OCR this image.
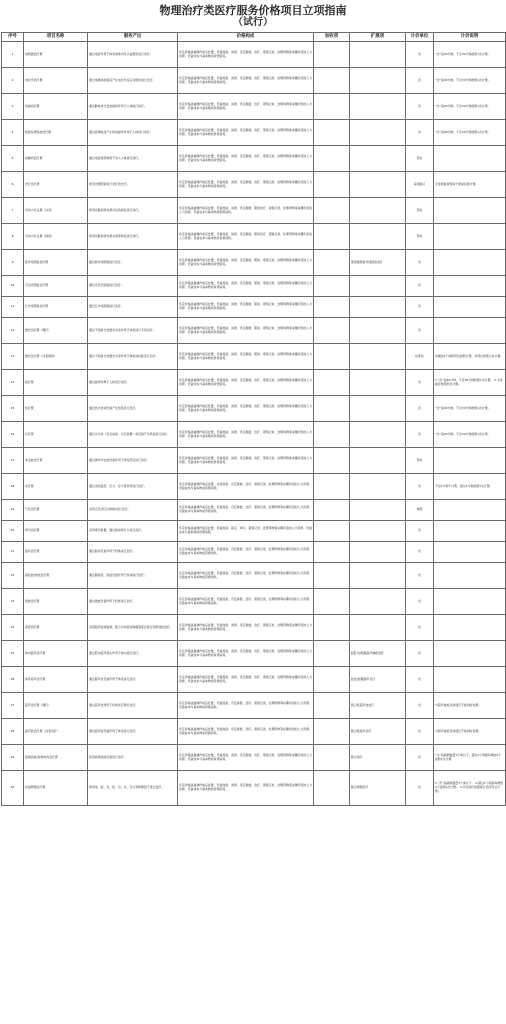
物理治疗类医疗服务价格项目立项指南
（试行）
序号	项目名称	服务产出	价格构成	加收项	扩展项	计价单位	计价说明
1	电刺激治疗费	通过电流作用于体表或体内可兴奋组织进行治疗。	所定价格涵盖操作前后处置，设备准备、消毒、设定参数、治疗、观察记录、处理用物等步骤所需的人力资源、设备成本与基本物质资源消耗。			次	“次”指30分钟，不足30分钟按照1次计费。
2	电化学治疗费	通过电极施加直流产生电化学反应对组织进行治疗。	所定价格涵盖操作前后处置，设备准备、消毒、设定参数、治疗、观察记录、处理用物等步骤所需的人力资源、设备成本与基本物质资源消耗。			次	“次”指30分钟，不足30分钟按照1次计费。
3	电磁治疗费	通过静电或交变电磁场作用于人体进行治疗。	所定价格涵盖操作前后处置，设备准备、消毒、设定参数、治疗、观察记录、处理用物等步骤所需的人力资源、设备成本与基本物质资源消耗。			次	“次”指30分钟，不足30分钟按照1次计费。
4	短波及类短波治疗费	通过高频电流产生的电磁场作用于人体进行治疗。	所定价格涵盖操作前后处置，设备准备、消毒、设定参数、治疗、观察记录、处理用物等步骤所需的人力资源、设备成本与基本物质资源消耗。			次	“次”指30分钟，不足30分钟按照1次计费。
5	电解质治疗费	通过电流使药物离子导入人体进行治疗。	所定价格涵盖操作前后处置，设备准备、消毒、设定参数、治疗、观察记录、处理用物等步骤所需的人力资源、设备成本与基本物质资源消耗。			部位	
6	光疗治疗费	使用光源照射进行治疗的光疗。	所定价格涵盖操作前后处置，设备准备、消毒、设定参数、治疗、观察记录、处理用物等步骤所需的人力资源、设备成本与基本物质资源消耗。			每照射区	全身照射按照每个照射区数计费。
7	光动力疗法费（浅表）	使用光敏剂和光源对浅表病变进行治疗。	所定价格涵盖操作前后处置，设备准备、消毒、设定参数、照射治疗、观察记录、处理用物等步骤所需的人力资源、设备成本与基本物质资源消耗。			部位	
8	光动力疗法费（深层）	使用光敏剂和光源对深部病变进行治疗。	所定价格涵盖操作前后处置，设备准备、消毒、设定参数、照射治疗、观察记录、处理用物等步骤所需的人力资源、设备成本与基本物质资源消耗。			部位	
9	紫外线照射治疗费	通过紫外线照射进行治疗。	所定价格涵盖操作前后处置，设备准备、消毒、设定参数、照射、观察记录、处理用物等步骤所需的人力资源、设备成本与基本物质资源消耗。		照射强度紫外线照射治疗	次	
10	可见光照射治疗费	通过可见光照射进行治疗。	所定价格涵盖操作前后处置，设备准备、消毒、设定参数、照射、观察记录、处理用物等步骤所需的人力资源、设备成本与基本物质资源消耗。			次	
11	红外线照射治疗费	通过红外线照射进行治疗。	所定价格涵盖操作前后处置，设备准备、消毒、设定参数、照射、观察记录、处理用物等步骤所需的人力资源、设备成本与基本物质资源消耗。			次	
12	激光治疗费（理疗）	通过不同波长的激光光束作用于体表进行无创治疗。	所定价格涵盖操作前后处置，设备准备、消毒、设定参数、照射、观察记录、处理用物等步骤所需的人力资源、设备成本与基本物质资源消耗。			次	
13	激光治疗费（浅表照射）	通过不同波长的激光光束作用于体表或皮肤进行治疗。	所定价格涵盖操作前后处置，设备准备、消毒、设定参数、照射、观察记录、处理用物等步骤所需的人力资源、设备成本与基本物质资源消耗。			每部位	每增加1个病损部位按照计费，多部位按照合并计算。
14	磁疗费	通过磁场作用于人体进行治疗。	所定价格涵盖操作前后处置，设备准备、消毒、设定参数、治疗、观察记录、处理用物等步骤所需的人力资源、设备成本与基本物质资源消耗。			次	1.“次”指30分钟，不足30分钟按照1次计费。 2.全身磁疗按照部位计费。
15	热疗费	通过热介质或设备产生热量进行治疗。	所定价格涵盖操作前后处置，设备准备、消毒、设定参数、治疗、观察记录、处理用物等步骤所需的人力资源、设备成本与基本物质资源消耗。			次	“次”指30分钟，不足30分钟按照1次计费。
16	冷疗费	通过冷介质（包含冰袋、冷疗装置）或设备产生低温进行治疗。	所定价格涵盖操作前后处置，设备准备、消毒、设定参数、治疗、观察记录、处理用物等步骤所需的人力资源、设备成本与基本物质资源消耗。			次	“次”指30分钟，不足30分钟按照1次计费。
17	冲击波治疗费	通过体外冲击波设备作用于病变部位进行治疗。	所定价格涵盖操作前后处置，设备准备、消毒、设定参数、治疗、观察记录、处理用物等步骤所需的人力资源、设备成本与基本物质资源消耗。			部位	
18	水疗费	通过水的温度、压力、浮力等作用进行治疗。	所定价格涵盖操作前后处置，水质准备、设定参数、治疗、观察记录、处理用物等步骤所需的人力资源、设备成本与基本物质资源消耗。			次	不足1分钟不计费，超过1分钟按照1次计费。
19	气压治疗费	采用正压/负压对肢体进行治疗。	所定价格涵盖操作前后处置，设备准备、设定参数、治疗、观察记录、处理用物等步骤所需的人力资源、设备成本与基本物质资源消耗。			单肢	
20	牵引治疗费	采用牵引装置，通过施加牵引力进行治疗。	所定价格涵盖操作前后处置，设备准备、固定、牵引、观察记录、处理用物等步骤所需的人力资源、设备成本与基本物质资源消耗。			次	
21	振动治疗费	通过振动设备作用于机体进行治疗。	所定价格涵盖操作前后处置，设备准备、设定参数、治疗、观察记录、处理用物等步骤所需的人力资源、设备成本与基本物质资源消耗。			次	
22	超短波/短波治疗费	通过超短波、短波设备作用于机体进行治疗。	所定价格涵盖操作前后处置，设备准备、设定参数、治疗、观察记录、处理用物等步骤所需的人力资源、设备成本与基本物质资源消耗。			次	
23	微波治疗费	通过微波设备作用于机体进行治疗。	所定价格涵盖操作前后处置，设备准备、设定参数、治疗、观察记录、处理用物等步骤所需的人力资源、设备成本与基本物质资源消耗。			次	
24	深部热疗费	采用超声波或射频，配合冷却液对肿瘤等部位进行深部加热治疗。	所定价格涵盖操作前后处置，设备准备、消毒、设定参数、治疗、观察记录、处理用物等步骤所需的人力资源、设备成本与基本物质资源消耗。			次	
25	体内超声治疗费	通过腔内超声探头作用于体内进行治疗。	所定价格涵盖操作前后处置，设备准备、消毒、设定参数、治疗、观察记录、处理用物等步骤所需的人力资源、设备成本与基本物质资源消耗。		经腔内/经腹超声辅助治疗	次	
26	体外超声治疗费	通过超声波设备作用于体表进行治疗。	所定价格涵盖操作前后处置，设备准备、消毒、设定参数、治疗、观察记录、处理用物等步骤所需的人力资源、设备成本与基本物质资源消耗。		经皮/经腹超声治疗	次	
27	超声治疗费（理疗）	通过超声波作用于机体进行理疗治疗。	所定价格涵盖操作前后处置，设备准备、设定参数、治疗、观察记录、处理用物等步骤所需的人力资源、设备成本与基本物质资源消耗。		联合低超声波治疗	次	与超声波类其他项目不能同时收费。
28	超声波治疗费（浅表治疗）	通过超声波设备作用于体表进行治疗。	所定价格涵盖操作前后处置，设备准备、设定参数、治疗、观察记录、处理用物等步骤所需的人力资源、设备成本与基本物质资源消耗。		联合低超声治疗	次	与超声波类其他项目不能同时收费。
29	高频热能/高频电灼治疗费	使用高频热能设备进行治疗。	所定价格涵盖操作前后处置，设备准备、消毒、设定参数、治疗、观察记录、处理用物等步骤所需的人力资源、设备成本与基本物质资源消耗。		联合热疗	次	“次”指病损数量1个或以下，超过1个病损每增加1个按照1次计费。
30	其他物理治疗费	使用电、磁、光、热、冷、水、压力等物理因子进行治疗。	所定价格涵盖操作前后处置，设备准备、消毒、设定参数、治疗、观察记录、处理用物等步骤所需的人力资源、设备成本与基本物质资源消耗。		联合物理治疗	次	1.“次”指病损数量1个或以下。 2.超过1个病损每增加1个按照1次计费。 3.多次治疗按照累计治疗时长计费。
